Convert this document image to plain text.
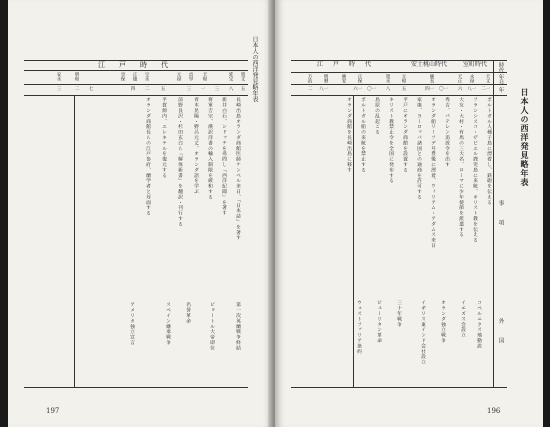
日本人の西洋発見略年表
江戸時代
寛文
延宝
天和
貞享
元禄
宝永
正徳
享保
明和
安永
五
八
三
一
三
五
二
四
七
二
三
長崎出島オランダ商館医師ケンペル来日、『日本誌』を著す
新井白石、シドッチを尋問し『西洋紀聞』を著す
将軍吉宗、漢訳洋書の輸入制限を緩和する
青木昆陽・野呂元丈、オランダ語を学ぶ
前野良沢・杉田玄白ら『解体新書』を翻訳・刊行する
平賀源内、エレキテルを復元する
オランダ商館長らの江戸参府、蘭学者と対面する
第一次英蘭戦争終結
ピョートル大帝即位
名誉革命
スペイン継承戦争
アメリカ独立宣言
197
日本人の西洋発見略年表
時代
年号
年
事項
外国
室町時代
安土桃山時代
江戸時代
天文
永禄
天正
慶長
元和
寛永
正保
慶安
明暦
万治
一二
一八
六
一〇
一四
五
八
一〇
一六
一八
二
ポルトガル人種子島に漂着し、鉄砲を伝える
フランシスコ・ザビエル鹿児島に来航、キリスト教を伝える
大友・大村・有馬の三大名、ローマに少年使節を派遣する
秀吉、バテレン追放令を出す
オランダ船リーフデ号豊後に漂着、ウィリアム・アダムス来日
家康、ヨーロッパ諸国との通商を許可する
平戸にオランダ商館を設置する
キリスト教禁止令を全国に発布する
島原の乱起こる
ポルトガル船の来航を禁止する
オランダ商館を長崎出島に移す
コペルニクス地動説
イエズス会設立
オランダ独立戦争
イギリス東インド会社設立
三十年戦争
ピューリタン革命
ウェストファリア条約
196
